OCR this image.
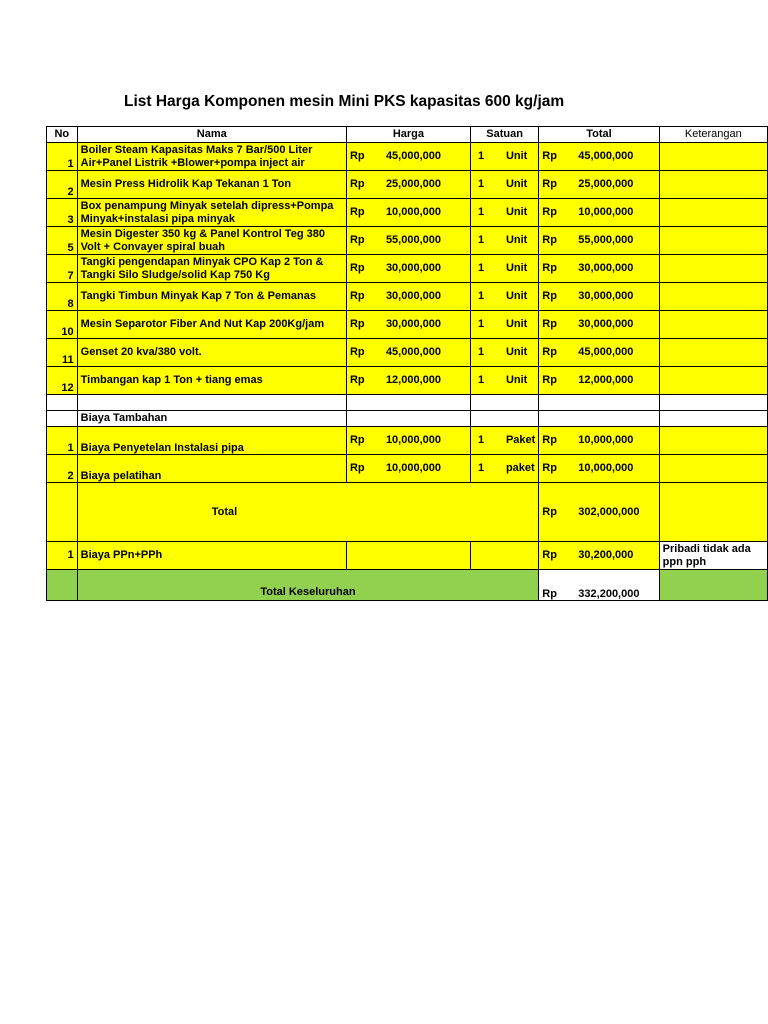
List Harga Komponen mesin Mini PKS kapasitas 600 kg/jam
No	Nama	Harga	Satuan	Total	Keterangan
1	Boiler Steam Kapasitas Maks 7 Bar/500 Liter Air+Panel Listrik +Blower+pompa inject air	Rp 45,000,000	1 Unit	Rp 45,000,000	

2	Mesin Press Hidrolik Kap Tekanan 1 Ton	Rp 25,000,000	1 Unit	Rp 25,000,000	

3	Box penampung Minyak setelah dipress+Pompa Minyak+instalasi pipa minyak	Rp 10,000,000	1 Unit	Rp 10,000,000	

5	Mesin Digester 350 kg & Panel Kontrol Teg 380 Volt + Convayer spiral buah	Rp 55,000,000	1 Unit	Rp 55,000,000	

7	Tangki pengendapan Minyak CPO Kap 2 Ton & Tangki Silo Sludge/solid Kap 750 Kg	Rp 30,000,000	1 Unit	Rp 30,000,000	

8	Tangki Timbun Minyak Kap 7 Ton & Pemanas	Rp 30,000,000	1 Unit	Rp 30,000,000	

10	Mesin Separotor Fiber And Nut Kap 200Kg/jam	Rp 30,000,000	1 Unit	Rp 30,000,000	

11	Genset 20 kva/380 volt.	Rp 45,000,000	1 Unit	Rp 45,000,000	

12	Timbangan kap 1 Ton + tiang emas	Rp 12,000,000	1 Unit	Rp 12,000,000	

	Biaya Tambahan				
1	Biaya Penyetelan Instalasi pipa	Rp 10,000,000	1 Paket	Rp 10,000,000	

2	Biaya pelatihan	Rp 10,000,000	1 paket	Rp 10,000,000	

	Total			Rp 302,000,000	

1	Biaya PPn+PPh			Rp 30,200,000	Pribadi tidak ada ppn pph
	Total Keseluruhan			Rp 332,200,000	
